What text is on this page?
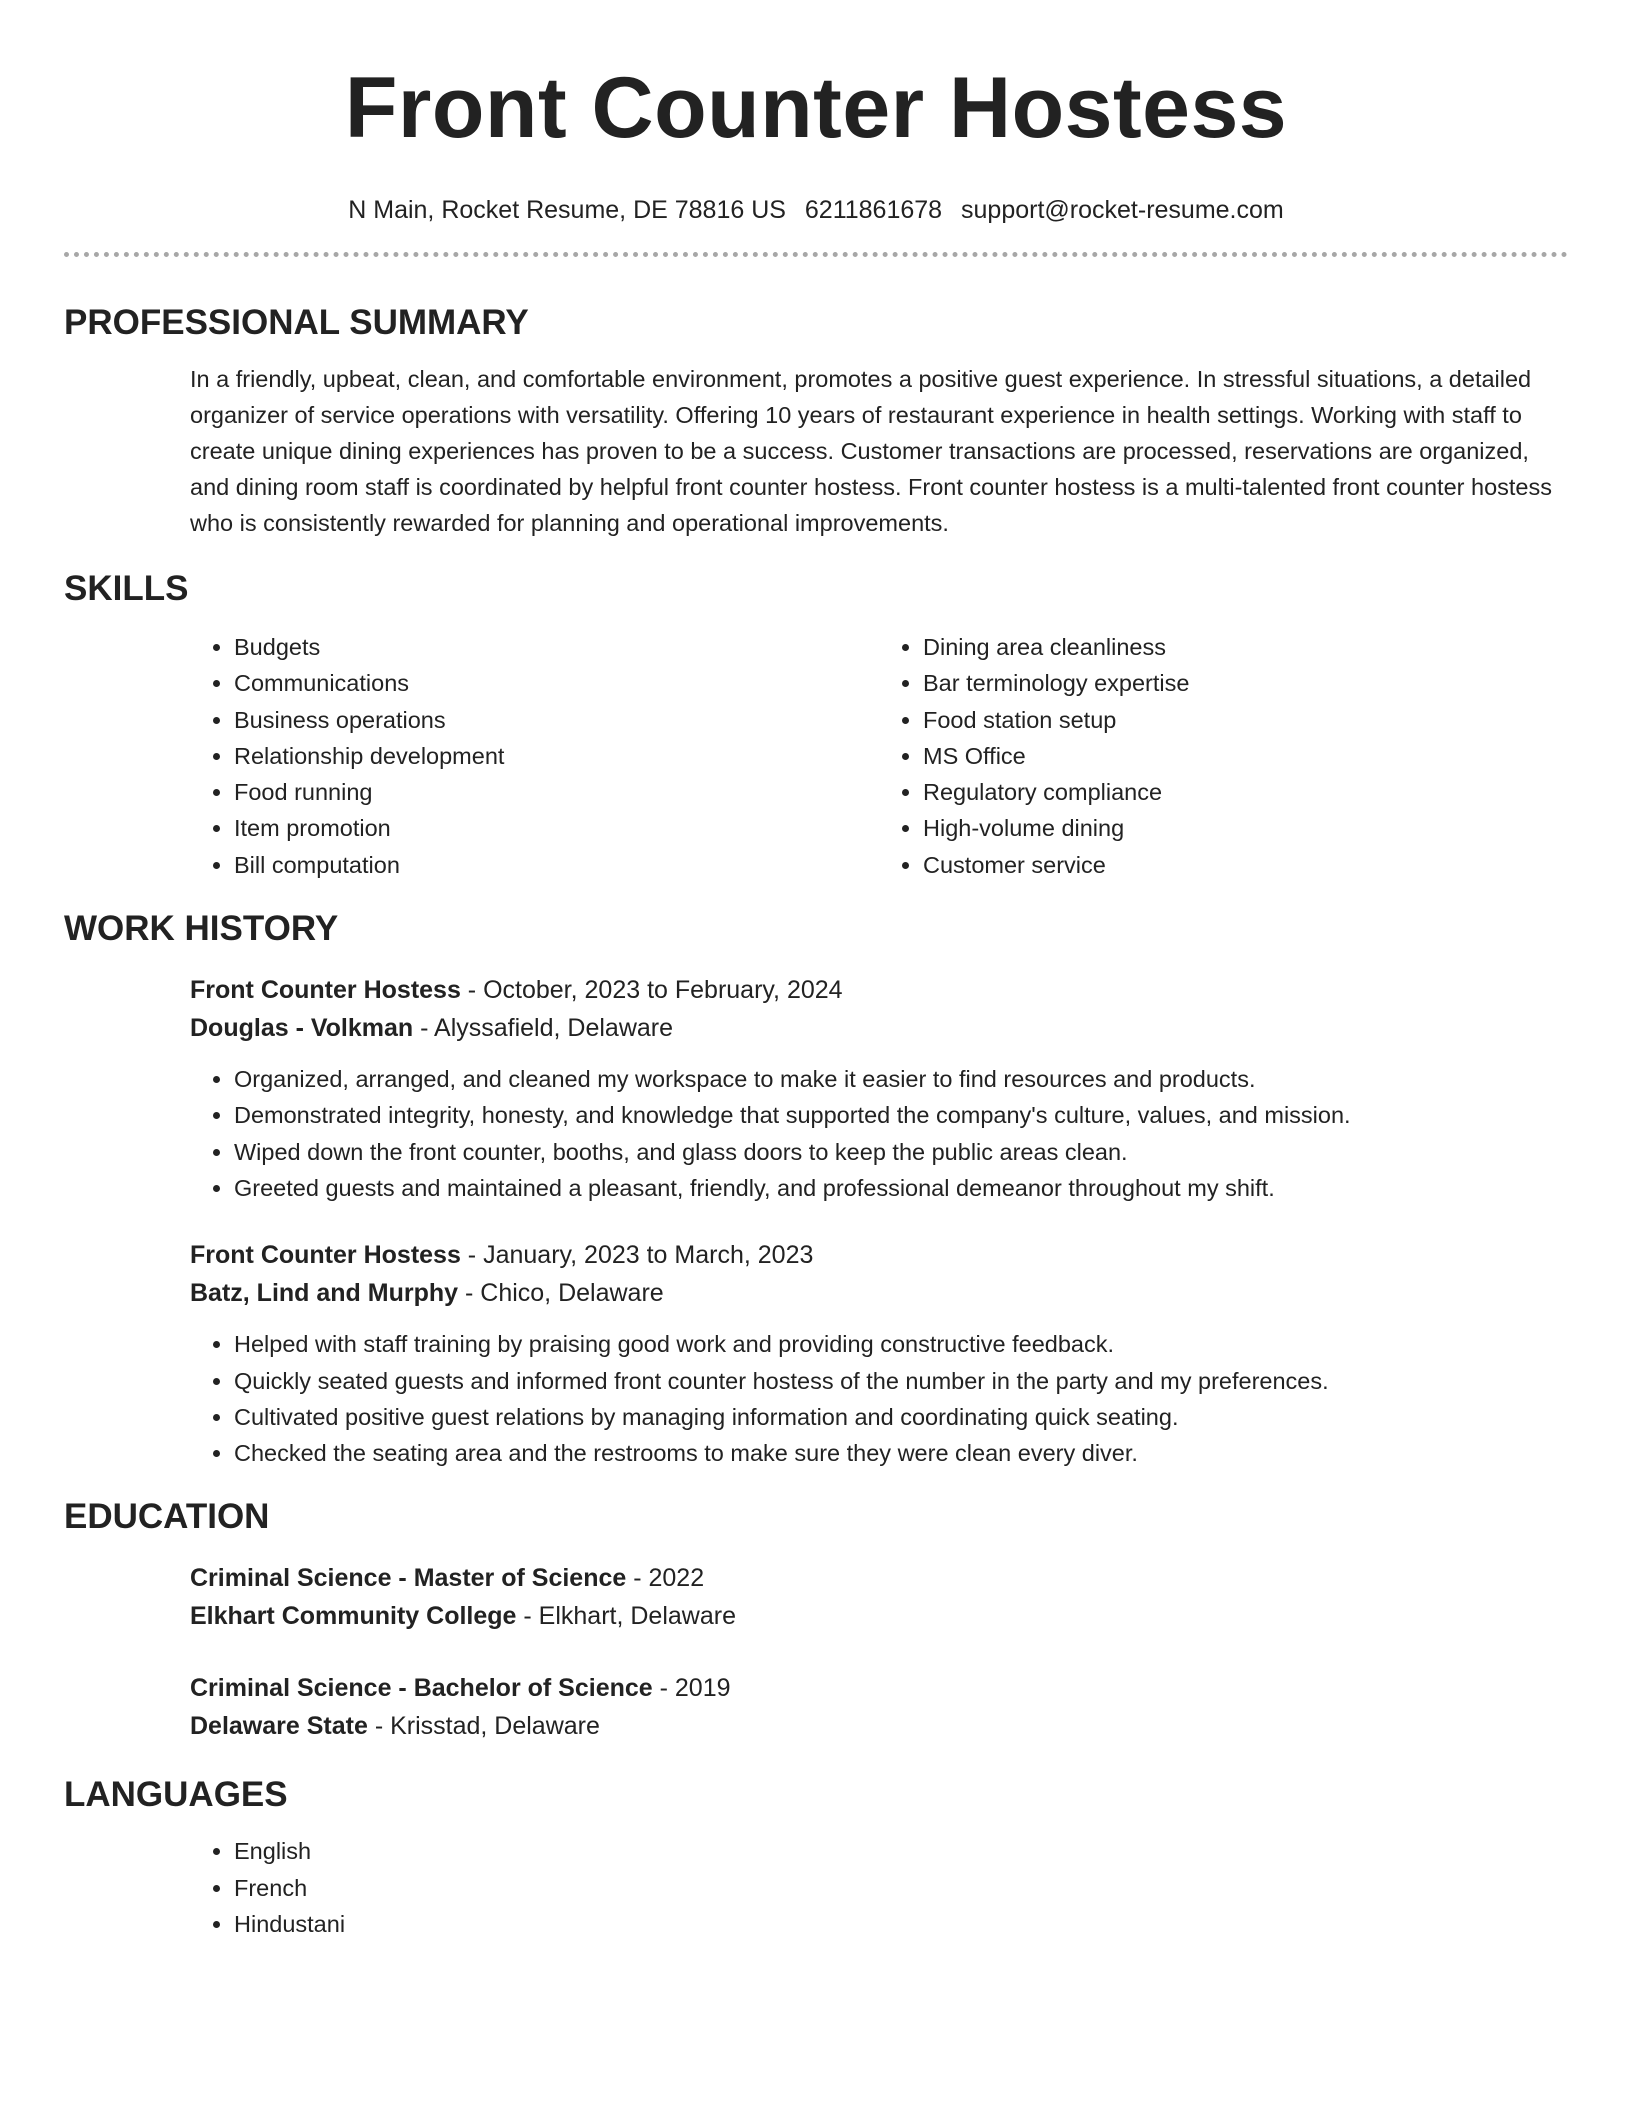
Front Counter Hostess
N Main, Rocket Resume, DE 78816 US 6211861678 support@rocket-resume.com
PROFESSIONAL SUMMARY

In a friendly, upbeat, clean, and comfortable environment, promotes a positive guest experience. In stressful situations, a detailed organizer of service operations with versatility. Offering 10 years of restaurant experience in health settings. Working with staff to create unique dining experiences has proven to be a success. Customer transactions are processed, reservations are organized, and dining room staff is coordinated by helpful front counter hostess. Front counter hostess is a multi-talented front counter hostess who is consistently rewarded for planning and operational improvements.

SKILLS
• Budgets
• Communications
• Business operations
• Relationship development
• Food running
• Item promotion
• Bill computation
• Dining area cleanliness
• Bar terminology expertise
• Food station setup
• MS Office
• Regulatory compliance
• High-volume dining
• Customer service
WORK HISTORY
Front Counter Hostess - October, 2023 to February, 2024
Douglas - Volkman - Alyssafield, Delaware
• Organized, arranged, and cleaned my workspace to make it easier to find resources and products.
• Demonstrated integrity, honesty, and knowledge that supported the company's culture, values, and mission.
• Wiped down the front counter, booths, and glass doors to keep the public areas clean.
• Greeted guests and maintained a pleasant, friendly, and professional demeanor throughout my shift.
Front Counter Hostess - January, 2023 to March, 2023
Batz, Lind and Murphy - Chico, Delaware
• Helped with staff training by praising good work and providing constructive feedback.
• Quickly seated guests and informed front counter hostess of the number in the party and my preferences.
• Cultivated positive guest relations by managing information and coordinating quick seating.
• Checked the seating area and the restrooms to make sure they were clean every diver.
EDUCATION
Criminal Science - Master of Science - 2022
Elkhart Community College - Elkhart, Delaware
Criminal Science - Bachelor of Science - 2019
Delaware State - Krisstad, Delaware
LANGUAGES
• English
• French
• Hindustani
